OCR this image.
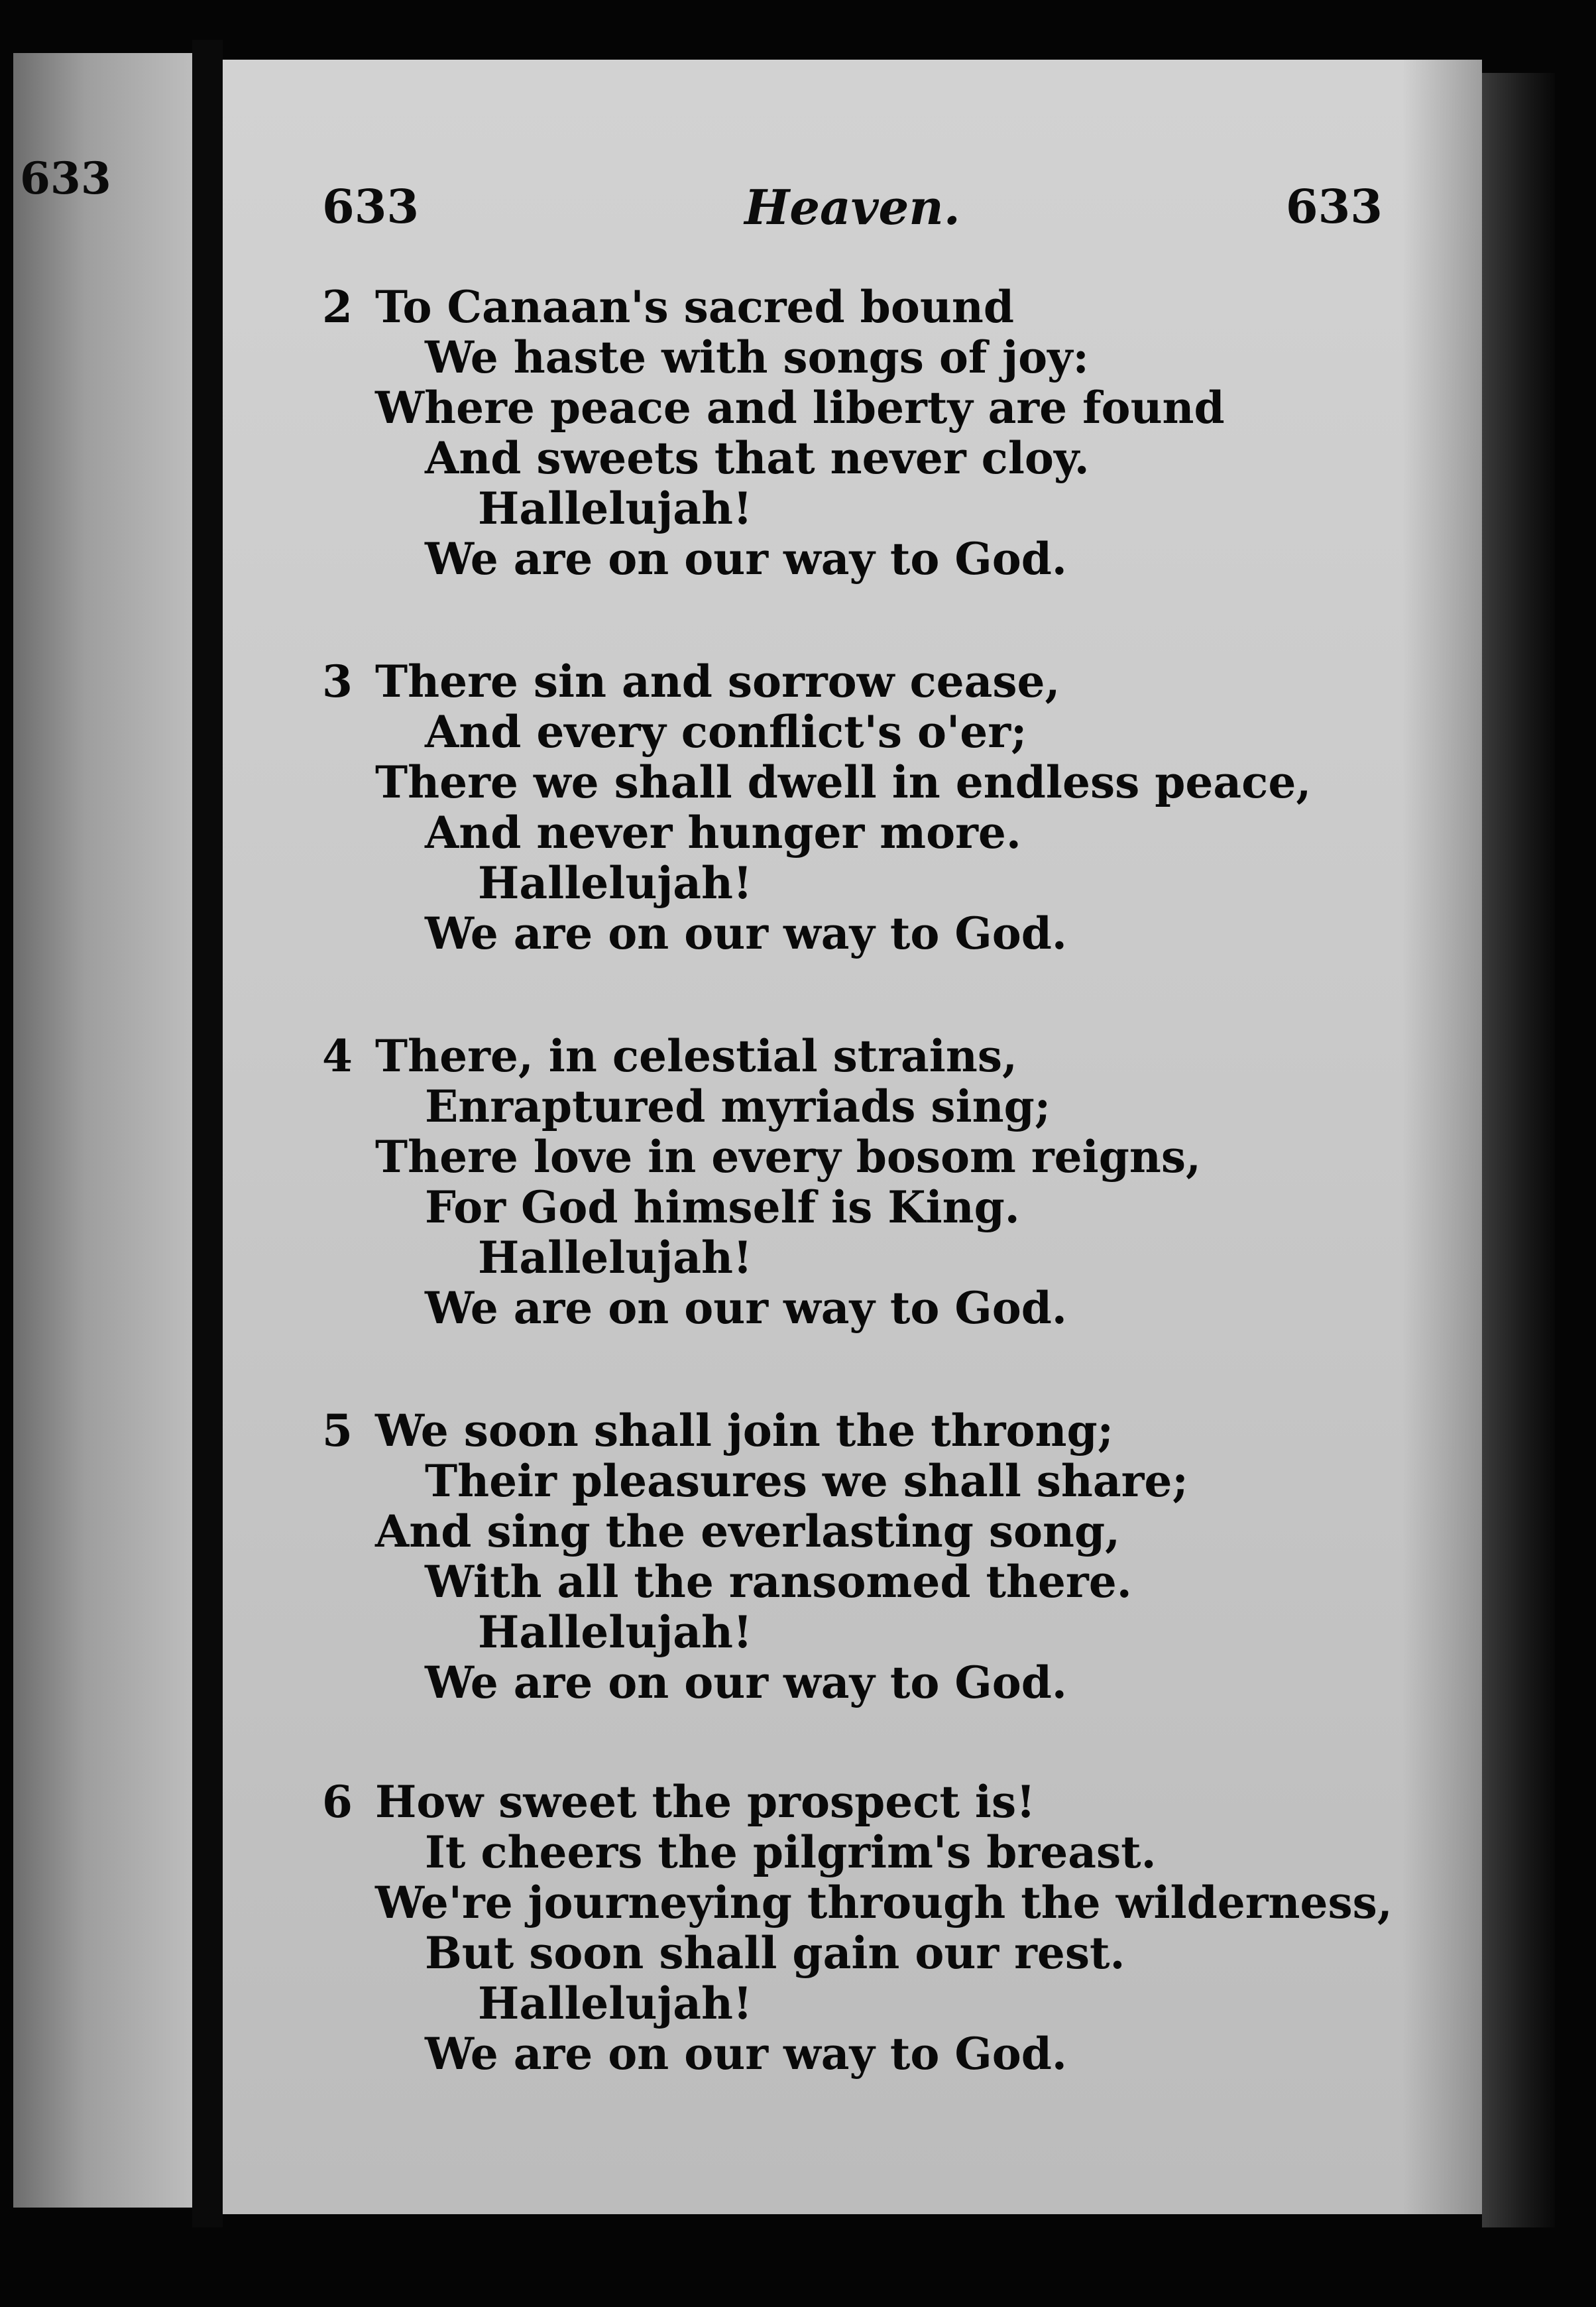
633
633	Heaven.	633
2 To Canaan's sacred bound
We haste with songs of joy:
Where peace and liberty are found
And sweets that never cloy.
Hallelujah!
We are on our way to God.
3 There sin and sorrow cease,
And every conflict's o'er;
There we shall dwell in endless peace,
And never hunger more.
Hallelujah!
We are on our way to God.
4 There, in celestial strains,
Enraptured myriads sing;
There love in every bosom reigns,
For God himself is King.
Hallelujah!
We are on our way to God.
5 We soon shall join the throng;
Their pleasures we shall share;
And sing the everlasting song,
With all the ransomed there.
Hallelujah!
We are on our way to God.
6 How sweet the prospect is!
It cheers the pilgrim's breast.
We're journeying through the wilderness,
But soon shall gain our rest.
Hallelujah!
We are on our way to God.
